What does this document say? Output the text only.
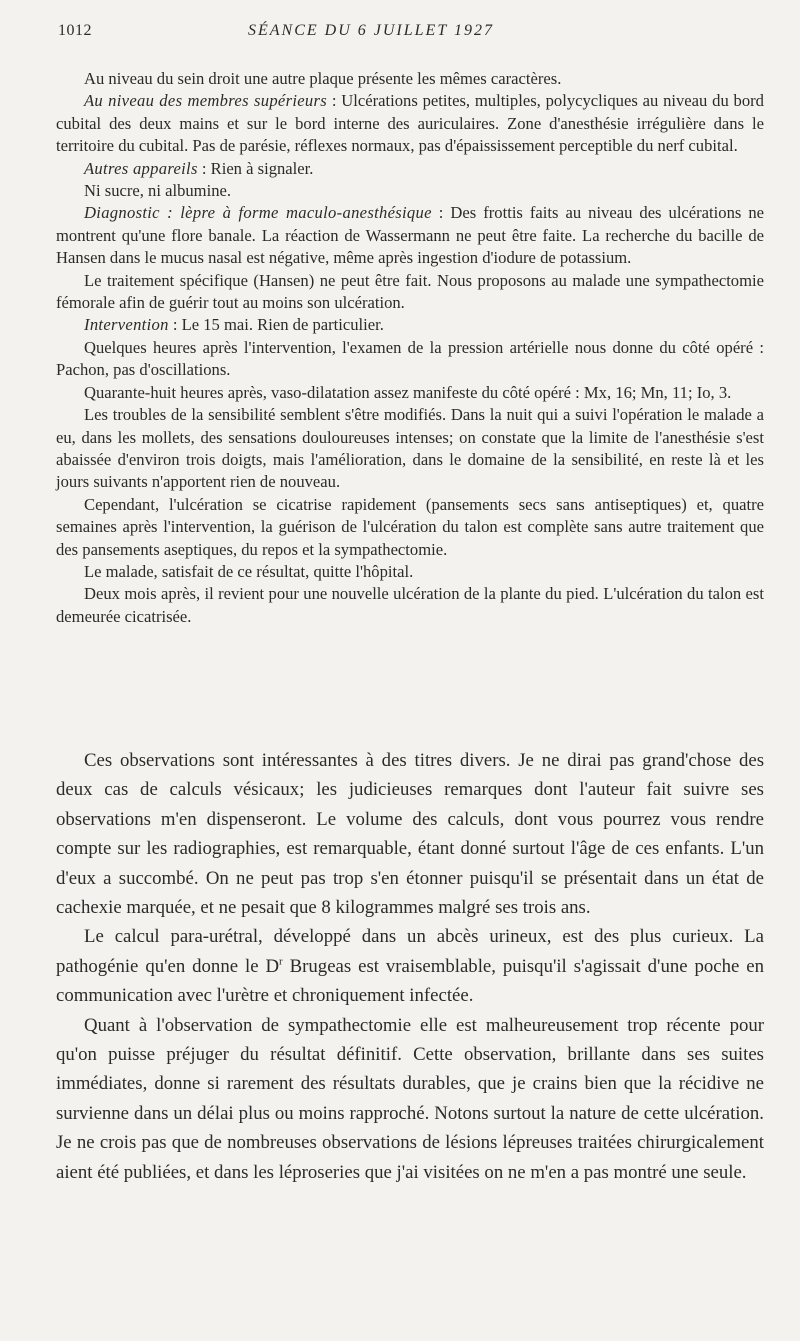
1012	SÉANCE DU 6 JUILLET 1927

Au niveau du sein droit une autre plaque présente les mêmes caractères.

Au niveau des membres supérieurs : Ulcérations petites, multiples, polycycliques au niveau du bord cubital des deux mains et sur le bord interne des auriculaires. Zone d'anesthésie irrégulière dans le territoire du cubital. Pas de parésie, réflexes normaux, pas d'épaississement perceptible du nerf cubital.

Autres appareils : Rien à signaler.

Ni sucre, ni albumine.

Diagnostic : lèpre à forme maculo-anesthésique : Des frottis faits au niveau des ulcérations ne montrent qu'une flore banale. La réaction de Wassermann ne peut être faite. La recherche du bacille de Hansen dans le mucus nasal est négative, même après ingestion d'iodure de potassium.

Le traitement spécifique (Hansen) ne peut être fait. Nous proposons au malade une sympathectomie fémorale afin de guérir tout au moins son ulcération.

Intervention : Le 15 mai. Rien de particulier.

Quelques heures après l'intervention, l'examen de la pression artérielle nous donne du côté opéré : Pachon, pas d'oscillations.

Quarante-huit heures après, vaso-dilatation assez manifeste du côté opéré : Mx, 16; Mn, 11; Io, 3.

Les troubles de la sensibilité semblent s'être modifiés. Dans la nuit qui a suivi l'opération le malade a eu, dans les mollets, des sensations douloureuses intenses; on constate que la limite de l'anesthésie s'est abaissée d'environ trois doigts, mais l'amélioration, dans le domaine de la sensibilité, en reste là et les jours suivants n'apportent rien de nouveau.

Cependant, l'ulcération se cicatrise rapidement (pansements secs sans antiseptiques) et, quatre semaines après l'intervention, la guérison de l'ulcération du talon est complète sans autre traitement que des pansements aseptiques, du repos et la sympathectomie.

Le malade, satisfait de ce résultat, quitte l'hôpital.

Deux mois après, il revient pour une nouvelle ulcération de la plante du pied. L'ulcération du talon est demeurée cicatrisée.

Ces observations sont intéressantes à des titres divers. Je ne dirai pas grand'chose des deux cas de calculs vésicaux; les judicieuses remarques dont l'auteur fait suivre ses observations m'en dispenseront. Le volume des calculs, dont vous pourrez vous rendre compte sur les radiographies, est remarquable, étant donné surtout l'âge de ces enfants. L'un d'eux a succombé. On ne peut pas trop s'en étonner puisqu'il se présentait dans un état de cachexie marquée, et ne pesait que 8 kilogrammes malgré ses trois ans.

Le calcul para-urétral, développé dans un abcès urineux, est des plus curieux. La pathogénie qu'en donne le $D^r$ Brugeas est vraisemblable, puisqu'il s'agissait d'une poche en communication avec l'urètre et chroniquement infectée.

Quant à l'observation de sympathectomie elle est malheureusement trop récente pour qu'on puisse préjuger du résultat définitif. Cette observation, brillante dans ses suites immédiates, donne si rarement des résultats durables, que je crains bien que la récidive ne survienne dans un délai plus ou moins rapproché. Notons surtout la nature de cette ulcération. Je ne crois pas que de nombreuses observations de lésions lépreuses traitées chirurgicalement aient été publiées, et dans les léproseries que j'ai visitées on ne m'en a pas montré une seule.
